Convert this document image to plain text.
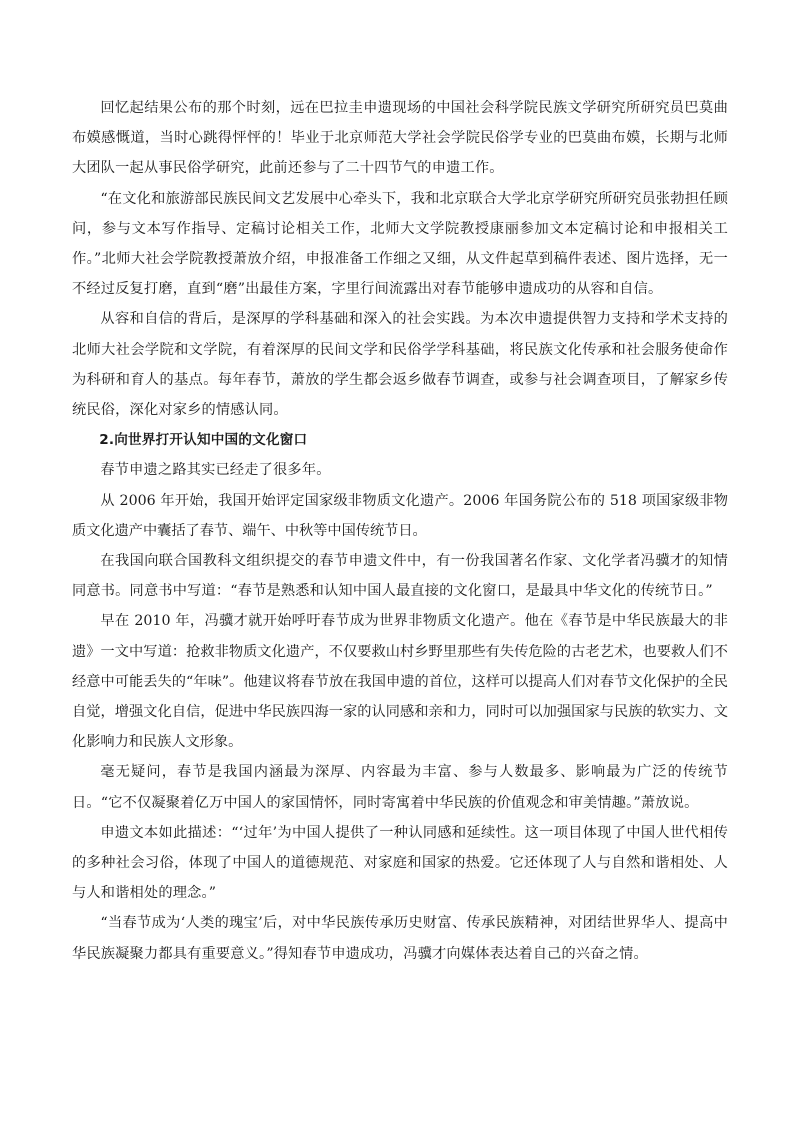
回忆起结果公布的那个时刻，远在巴拉圭申遗现场的中国社会科学院民族文学研究所研究员巴莫曲布嫫感慨道，当时心跳得怦怦的！毕业于北京师范大学社会学院民俗学专业的巴莫曲布嫫，长期与北师大团队一起从事民俗学研究，此前还参与了二十四节气的申遗工作。

“在文化和旅游部民族民间文艺发展中心牵头下，我和北京联合大学北京学研究所研究员张勃担任顾问，参与文本写作指导、定稿讨论相关工作，北师大文学院教授康丽参加文本定稿讨论和申报相关工作。”北师大社会学院教授萧放介绍，申报准备工作细之又细，从文件起草到稿件表述、图片选择，无一不经过反复打磨，直到“磨”出最佳方案，字里行间流露出对春节能够申遗成功的从容和自信。

从容和自信的背后，是深厚的学科基础和深入的社会实践。为本次申遗提供智力支持和学术支持的北师大社会学院和文学院，有着深厚的民间文学和民俗学学科基础，将民族文化传承和社会服务使命作为科研和育人的基点。每年春节，萧放的学生都会返乡做春节调查，或参与社会调查项目，了解家乡传统民俗，深化对家乡的情感认同。

2.向世界打开认知中国的文化窗口

春节申遗之路其实已经走了很多年。

从 2006 年开始，我国开始评定国家级非物质文化遗产。2006 年国务院公布的 518 项国家级非物质文化遗产中囊括了春节、端午、中秋等中国传统节日。

在我国向联合国教科文组织提交的春节申遗文件中，有一份我国著名作家、文化学者冯骥才的知情同意书。同意书中写道：“春节是熟悉和认知中国人最直接的文化窗口，是最具中华文化的传统节日。”

早在 2010 年，冯骥才就开始呼吁春节成为世界非物质文化遗产。他在《春节是中华民族最大的非遗》一文中写道：抢救非物质文化遗产，不仅要救山村乡野里那些有失传危险的古老艺术，也要救人们不经意中可能丢失的“年味”。他建议将春节放在我国申遗的首位，这样可以提高人们对春节文化保护的全民自觉，增强文化自信，促进中华民族四海一家的认同感和亲和力，同时可以加强国家与民族的软实力、文化影响力和民族人文形象。

毫无疑问，春节是我国内涵最为深厚、内容最为丰富、参与人数最多、影响最为广泛的传统节日。“它不仅凝聚着亿万中国人的家国情怀，同时寄寓着中华民族的价值观念和审美情趣。”萧放说。

申遗文本如此描述：“‘过年’为中国人提供了一种认同感和延续性。这一项目体现了中国人世代相传的多种社会习俗，体现了中国人的道德规范、对家庭和国家的热爱。它还体现了人与自然和谐相处、人与人和谐相处的理念。”

“当春节成为‘人类的瑰宝’后，对中华民族传承历史财富、传承民族精神，对团结世界华人、提高中华民族凝聚力都具有重要意义。”得知春节申遗成功，冯骥才向媒体表达着自己的兴奋之情。
